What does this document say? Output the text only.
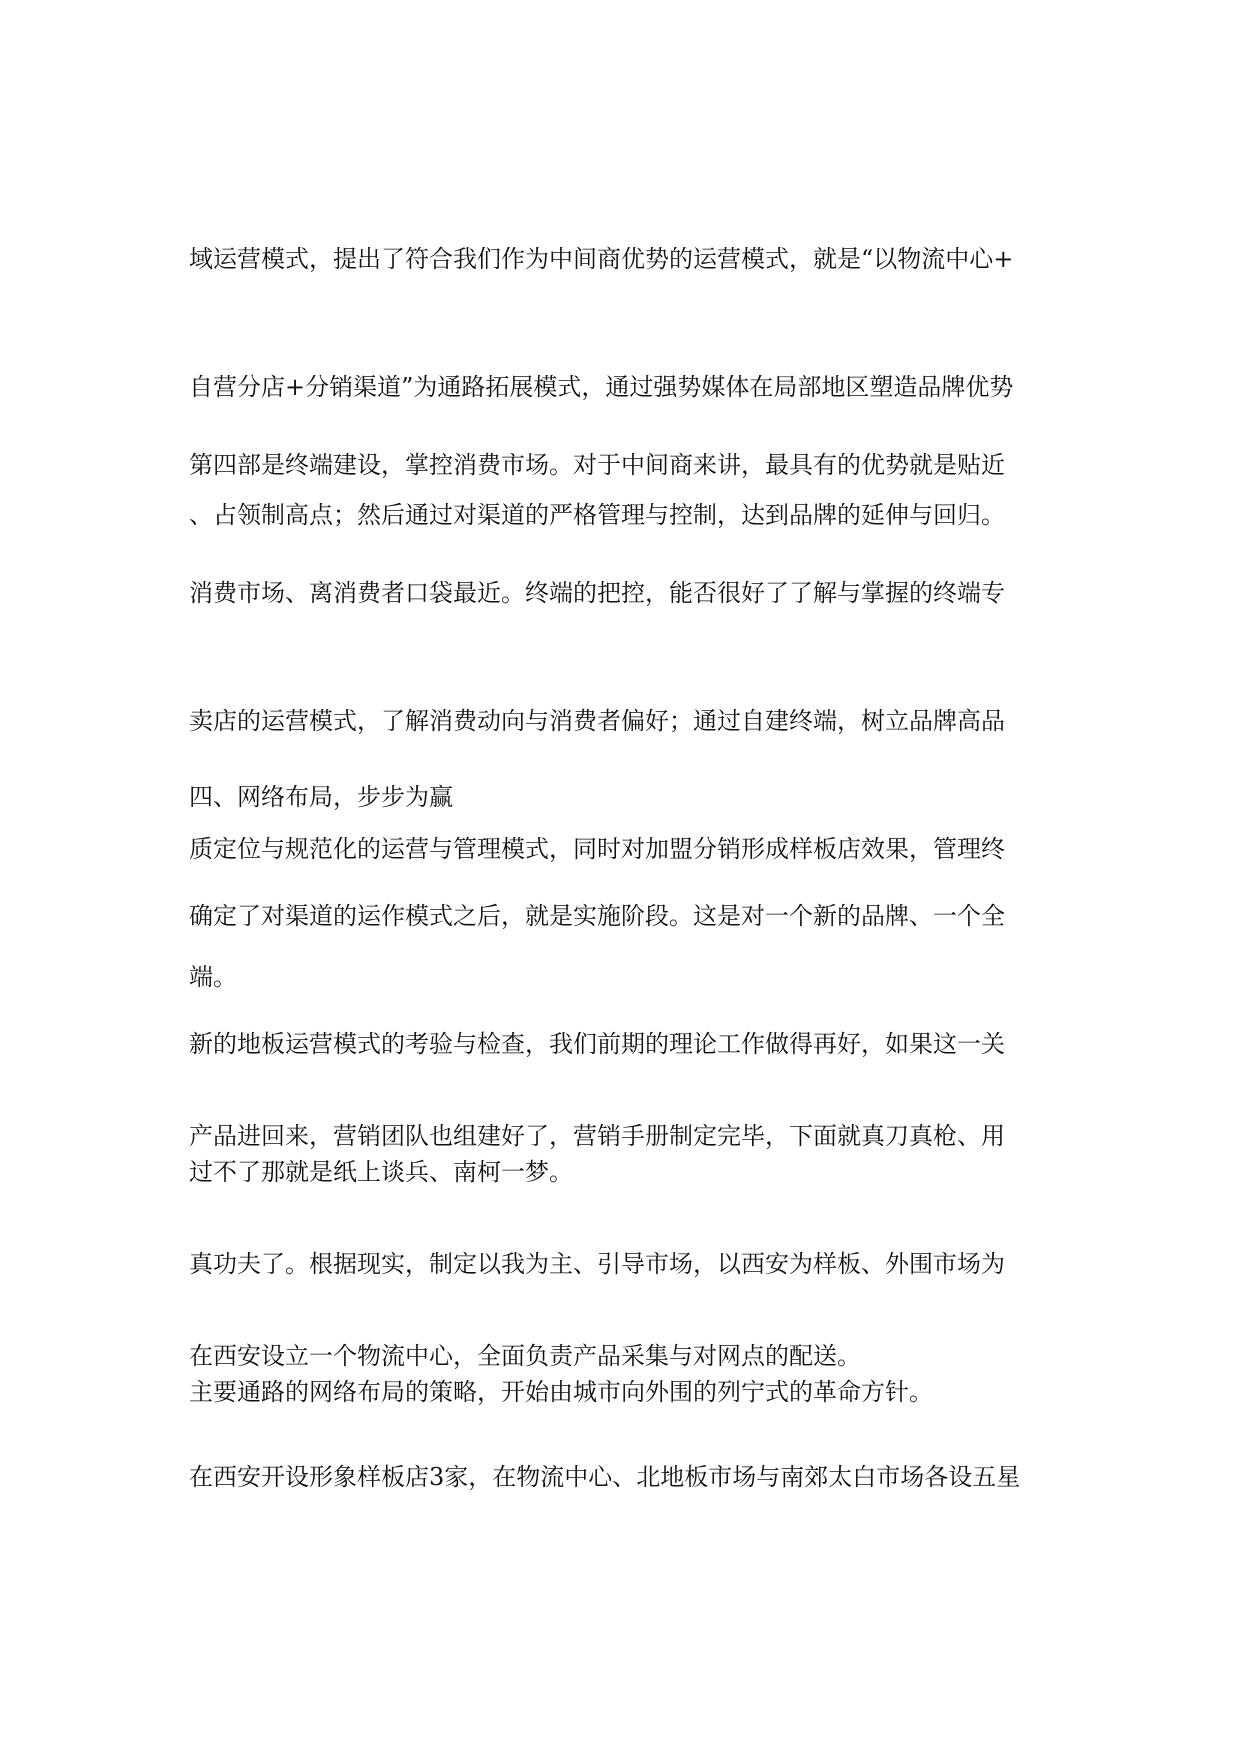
域运营模式，提出了符合我们作为中间商优势的运营模式，就是“以物流中心+

自营分店+分销渠道”为通路拓展模式，通过强势媒体在局部地区塑造品牌优势

、占领制高点；然后通过对渠道的严格管理与控制，达到品牌的延伸与回归。

第四部是终端建设，掌控消费市场。对于中间商来讲，最具有的优势就是贴近

消费市场、离消费者口袋最近。终端的把控，能否很好了了解与掌握的终端专

卖店的运营模式，了解消费动向与消费者偏好；通过自建终端，树立品牌高品

质定位与规范化的运营与管理模式，同时对加盟分销形成样板店效果，管理终

端。

四、网络布局，步步为赢

确定了对渠道的运作模式之后，就是实施阶段。这是对一个新的品牌、一个全

新的地板运营模式的考验与检查，我们前期的理论工作做得再好，如果这一关

过不了那就是纸上谈兵、南柯一梦。

产品进回来，营销团队也组建好了，营销手册制定完毕，下面就真刀真枪、用

真功夫了。根据现实，制定以我为主、引导市场，以西安为样板、外围市场为

主要通路的网络布局的策略，开始由城市向外围的列宁式的革命方针。

在西安设立一个物流中心，全面负责产品采集与对网点的配送。

在西安开设形象样板店3家，在物流中心、北地板市场与南郊太白市场各设五星
